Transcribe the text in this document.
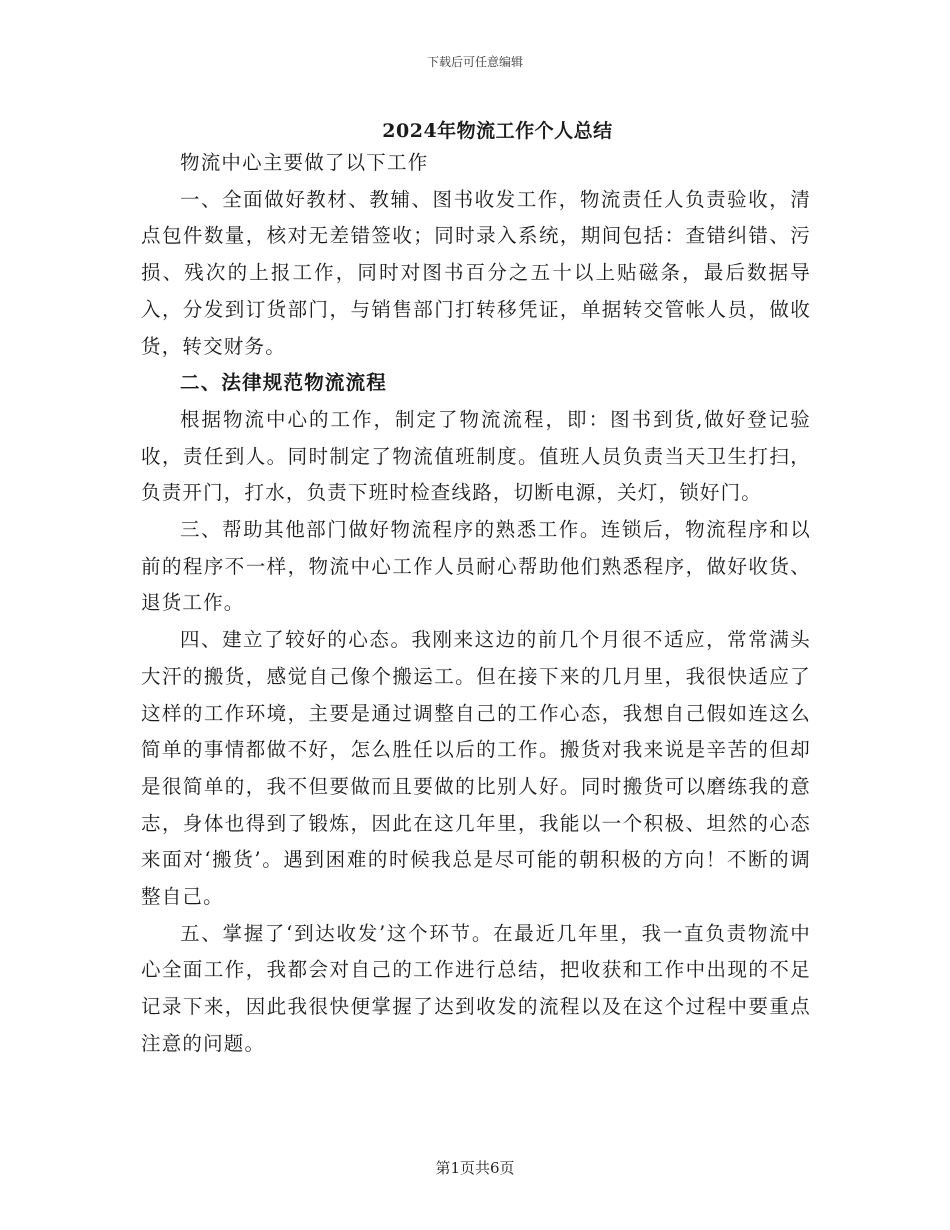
下载后可任意编辑
2024年物流工作个人总结

物流中心主要做了以下工作

一、全面做好教材、教辅、图书收发工作，物流责任人负责验收，清点包件数量，核对无差错签收；同时录入系统，期间包括：查错纠错、污损、残次的上报工作，同时对图书百分之五十以上贴磁条，最后数据导入，分发到订货部门，与销售部门打转移凭证，单据转交管帐人员，做收货，转交财务。

二、法律规范物流流程

根据物流中心的工作，制定了物流流程，即：图书到货,做好登记验收，责任到人。同时制定了物流值班制度。值班人员负责当天卫生打扫，负责开门，打水，负责下班时检查线路，切断电源，关灯，锁好门。

三、帮助其他部门做好物流程序的熟悉工作。连锁后，物流程序和以前的程序不一样，物流中心工作人员耐心帮助他们熟悉程序，做好收货、退货工作。

四、建立了较好的心态。我刚来这边的前几个月很不适应，常常满头大汗的搬货，感觉自己像个搬运工。但在接下来的几月里，我很快适应了这样的工作环境，主要是通过调整自己的工作心态，我想自己假如连这么简单的事情都做不好，怎么胜任以后的工作。搬货对我来说是辛苦的但却是很简单的，我不但要做而且要做的比别人好。同时搬货可以磨练我的意志，身体也得到了锻炼，因此在这几年里，我能以一个积极、坦然的心态来面对‘搬货’。遇到困难的时候我总是尽可能的朝积极的方向！不断的调整自己。

五、掌握了‘到达收发’这个环节。在最近几年里，我一直负责物流中心全面工作，我都会对自己的工作进行总结，把收获和工作中出现的不足记录下来，因此我很快便掌握了达到收发的流程以及在这个过程中要重点注意的问题。

第1页共6页
